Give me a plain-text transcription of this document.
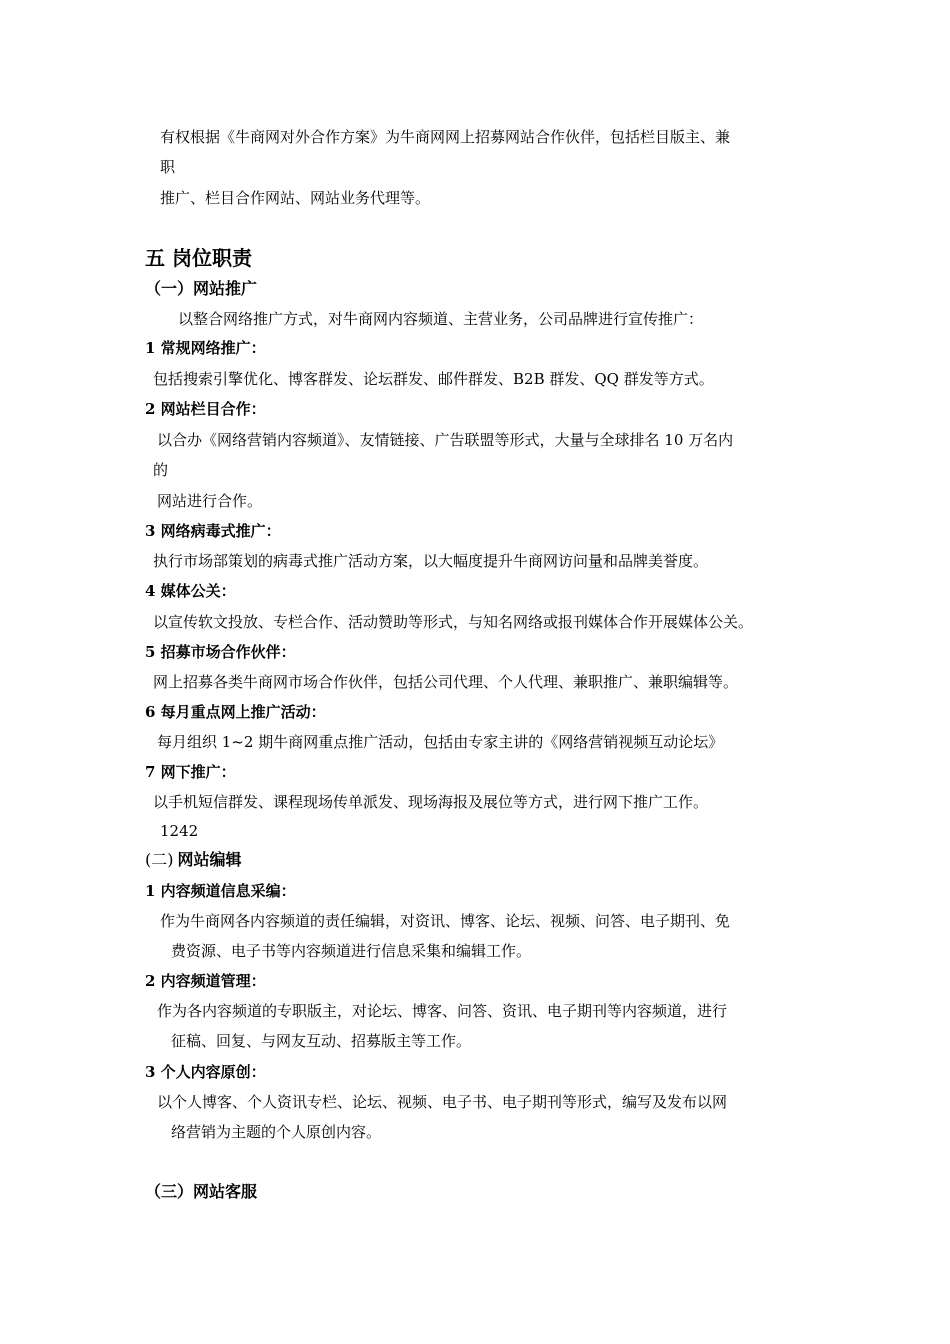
有权根据《牛商网对外合作方案》为牛商网网上招募网站合作伙伴，包括栏目版主、兼
职
推广、栏目合作网站、网站业务代理等。
五 岗位职责
（一）网站推广
以整合网络推广方式，对牛商网内容频道、主营业务，公司品牌进行宣传推广：
1 常规网络推广：
包括搜索引擎优化、博客群发、论坛群发、邮件群发、B2B 群发、QQ 群发等方式。
2 网站栏目合作：
以合办《网络营销内容频道》、友情链接、广告联盟等形式，大量与全球排名 10 万名内
的
网站进行合作。
3 网络病毒式推广：
执行市场部策划的病毒式推广活动方案，以大幅度提升牛商网访问量和品牌美誉度。
4 媒体公关：
以宣传软文投放、专栏合作、活动赞助等形式，与知名网络或报刊媒体合作开展媒体公关。
5 招募市场合作伙伴：
网上招募各类牛商网市场合作伙伴，包括公司代理、个人代理、兼职推广、兼职编辑等。
6 每月重点网上推广活动：
每月组织 1~2 期牛商网重点推广活动，包括由专家主讲的《网络营销视频互动论坛》
7 网下推广：
以手机短信群发、课程现场传单派发、现场海报及展位等方式，进行网下推广工作。
1242
(二) 网站编辑
1 内容频道信息采编：
作为牛商网各内容频道的责任编辑，对资讯、博客、论坛、视频、问答、电子期刊、免
费资源、电子书等内容频道进行信息采集和编辑工作。
2 内容频道管理：
作为各内容频道的专职版主，对论坛、博客、问答、资讯、电子期刊等内容频道，进行
征稿、回复、与网友互动、招募版主等工作。
3 个人内容原创：
以个人博客、个人资讯专栏、论坛、视频、电子书、电子期刊等形式，编写及发布以网
络营销为主题的个人原创内容。
（三）网站客服
